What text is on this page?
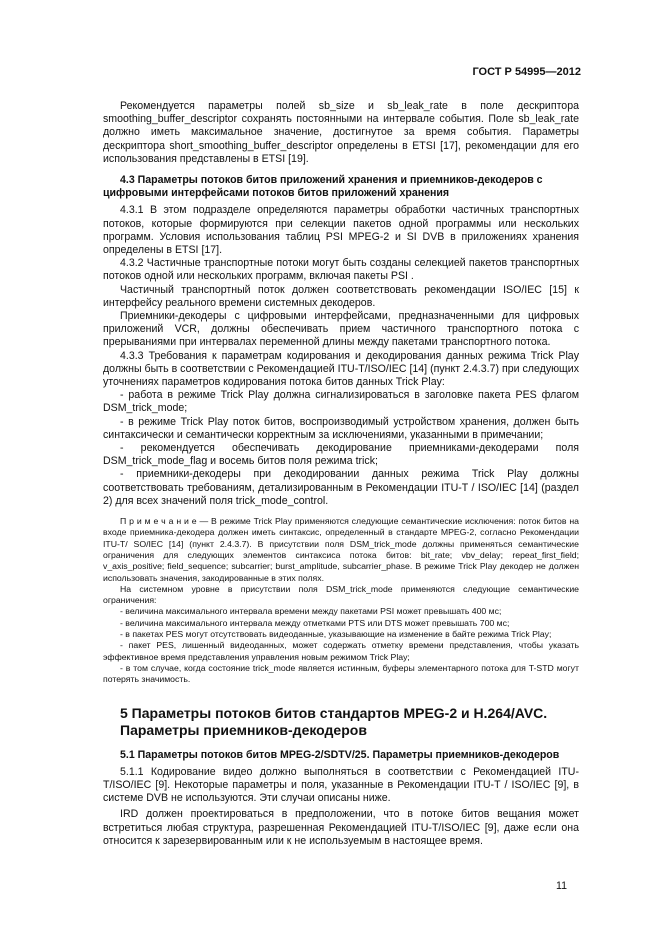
ГОСТ Р 54995—2012

Рекомендуется параметры полей sb_size и sb_leak_rate в поле дескриптора smoothing_buffer_descriptor сохранять постоянными на интервале события. Поле sb_leak_rate должно иметь максимальное значение, достигнутое за время события. Параметры дескриптора short_smoothing_buffer_descriptor определены в ETSI [17], рекомендации для его использования представлены в ETSI [19].

4.3 Параметры потоков битов приложений хранения и приемников-декодеров с цифровыми интерфейсами потоков битов приложений хранения

4.3.1 В этом подразделе определяются параметры обработки частичных транспортных потоков, которые формируются при селекции пакетов одной программы или нескольких программ. Условия использования таблиц PSI MPEG-2 и SI DVB в приложениях хранения определены в ETSI [17].

4.3.2 Частичные транспортные потоки могут быть созданы селекцией пакетов транспортных потоков одной или нескольких программ, включая пакеты PSI .

Частичный транспортный поток должен соответствовать рекомендации ISO/IEC [15] к интерфейсу реального времени системных декодеров.

Приемники-декодеры с цифровыми интерфейсами, предназначенными для цифровых приложений VCR, должны обеспечивать прием частичного транспортного потока с прерываниями при интервалах переменной длины между пакетами транспортного потока.

4.3.3 Требования к параметрам кодирования и декодирования данных режима Trick Play должны быть в соответствии с Рекомендацией ITU-T/ISO/IEC [14] (пункт 2.4.3.7) при следующих уточнениях параметров кодирования потока битов данных Trick Play:

- работа в режиме Trick Play должна сигнализироваться в заголовке пакета PES флагом DSM_trick_mode;

- в режиме Trick Play поток битов, воспроизводимый устройством хранения, должен быть синтаксически и семантически корректным за исключениями, указанными в примечании;

- рекомендуется обеспечивать декодирование приемниками-декодерами поля DSM_trick_mode_flag и восемь битов поля режима trick;

- приемники-декодеры при декодировании данных режима Trick Play должны соответствовать требованиям, детализированным в Рекомендации ITU-T / ISO/IEC [14] (раздел 2) для всех значений поля trick_mode_control.

П р и м е ч а н и е — В режиме Trick Play применяются следующие семантические исключения: поток битов на входе приемника-декодера должен иметь синтаксис, определенный в стандарте MPEG-2, согласно Рекомендации ITU-T/ SO/IEC [14] (пункт 2.4.3.7). В присутствии поля DSM_trick_mode должны применяться семантические ограничения для следующих элементов синтаксиса потока битов: bit_rate; vbv_delay; repeat_first_field; v_axis_positive; field_sequence; subcarrier; burst_amplitude, subcarrier_phase. В режиме Trick Play декодер не должен использовать значения, закодированные в этих полях.

На системном уровне в присутствии поля DSM_trick_mode применяются следующие семантические ограничения:

- величина максимального интервала времени между пакетами PSI может превышать 400 мс;

- величина максимального интервала между отметками PTS или DTS может превышать 700 мс;

- в пакетах PES могут отсутствовать видеоданные, указывающие на изменение в байте режима Trick Play;

- пакет PES, лишенный видеоданных, может содержать отметку времени представления, чтобы указать эффективное время представления управления новым режимом Trick Play;

- в том случае, когда состояние trick_mode является истинным, буферы элементарного потока для T-STD могут потерять значимость.

5 Параметры потоков битов стандартов MPEG-2 и H.264/AVC.
Параметры приемников-декодеров
5.1 Параметры потоков битов MPEG-2/SDTV/25. Параметры приемников-декодеров

5.1.1 Кодирование видео должно выполняться в соответствии с Рекомендацией ITU-T/ISO/IEC [9]. Некоторые параметры и поля, указанные в Рекомендации ITU-T / ISO/IEC [9], в системе DVB не используются. Эти случаи описаны ниже.

IRD должен проектироваться в предположении, что в потоке битов вещания может встретиться любая структура, разрешенная Рекомендацией ITU-T/ISO/IEC [9], даже если она относится к зарезервированным или к не используемым в настоящее время.

11
